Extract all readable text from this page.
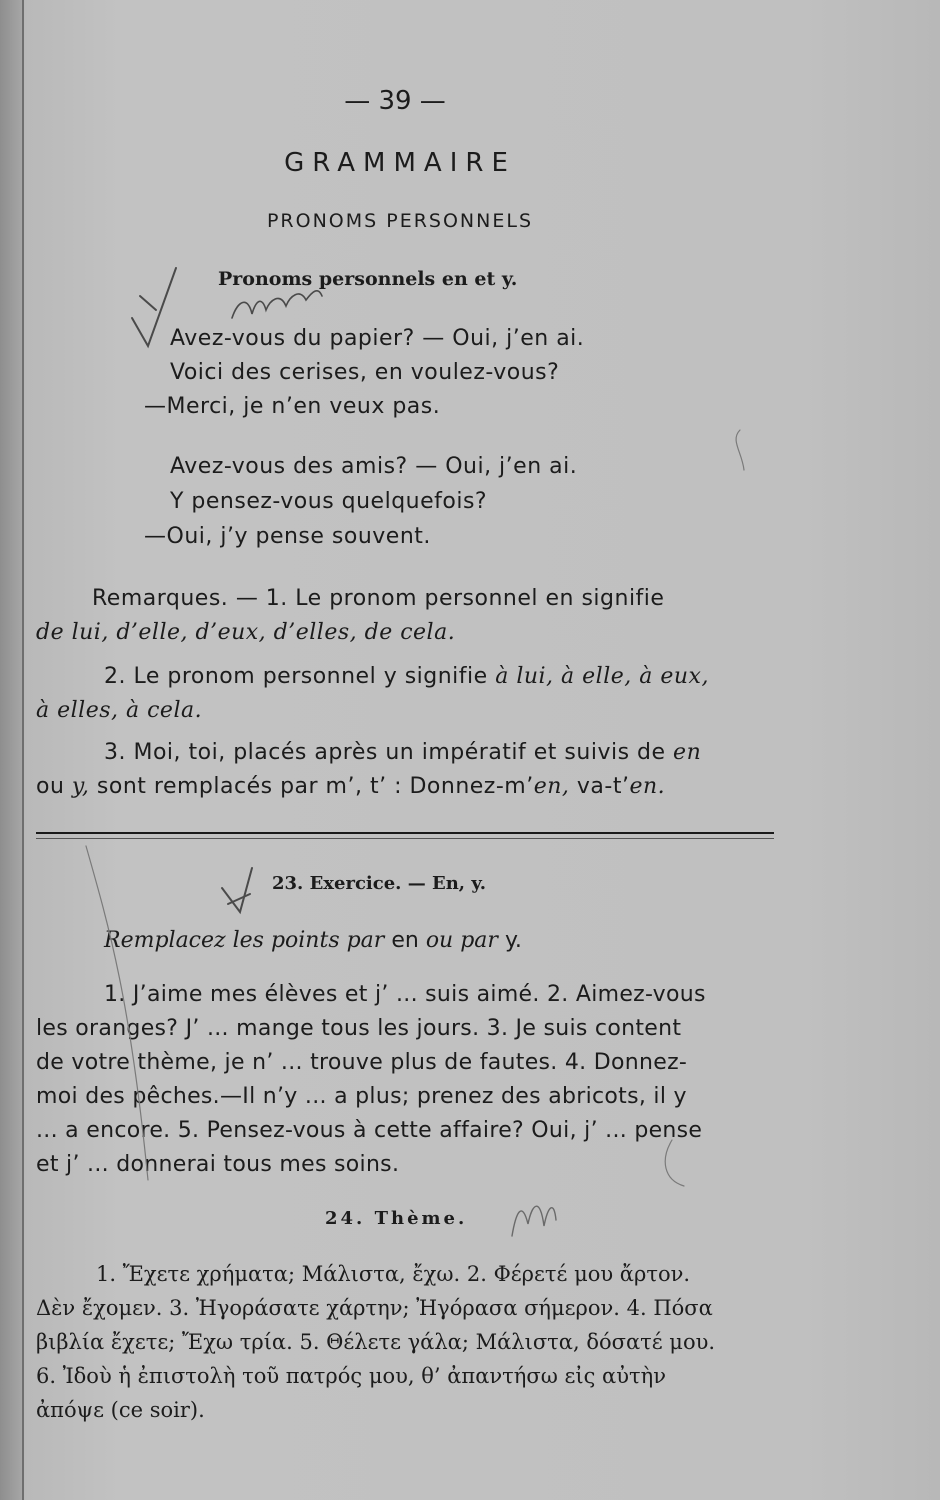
— 39 —
GRAMMAIRE
PRONOMS PERSONNELS
Pronoms personnels en et y.
Avez-vous du papier? — Oui, j’en ai.
Voici des cerises, en voulez-vous?
—Merci, je n’en veux pas.
Avez-vous des amis? — Oui, j’en ai.
Y pensez-vous quelquefois?
—Oui, j’y pense souvent.
Remarques. — 1. Le pronom personnel en signifie
de lui, d’elle, d’eux, d’elles, de cela.
2. Le pronom personnel y signifie à lui, à elle, à eux,
à elles, à cela.
3. Moi, toi, placés après un impératif et suivis de en
ou y, sont remplacés par m’, t’ : Donnez-m’en, va-t’en.
23. Exercice. — En, y.
Remplacez les points par en ou par y.
1. J’aime mes élèves et j’ ... suis aimé. 2. Aimez-vous
les oranges? J’ ... mange tous les jours. 3. Je suis content
de votre thème, je n’ ... trouve plus de fautes. 4. Donnez-
moi des pêches.—Il n’y ... a plus; prenez des abricots, il y
... a encore. 5. Pensez-vous à cette affaire? Oui, j’ ... pense
et j’ ... donnerai tous mes soins.
24. Thème.
1. Ἔχετε χρήματα; Μάλιστα, ἔχω. 2. Φέρετέ μου ἄρτον.
Δὲν ἔχομεν. 3. Ἠγοράσατε χάρτην; Ἠγόρασα σήμερον. 4. Πόσα
βιβλία ἔχετε; Ἔχω τρία. 5. Θέλετε γάλα; Μάλιστα, δόσατέ μου.
6. Ἰδοὺ ἡ ἐπιστολὴ τοῦ πατρός μου, θ’ ἀπαντήσω εἰς αὐτὴν
ἀπόψε (ce soir).
